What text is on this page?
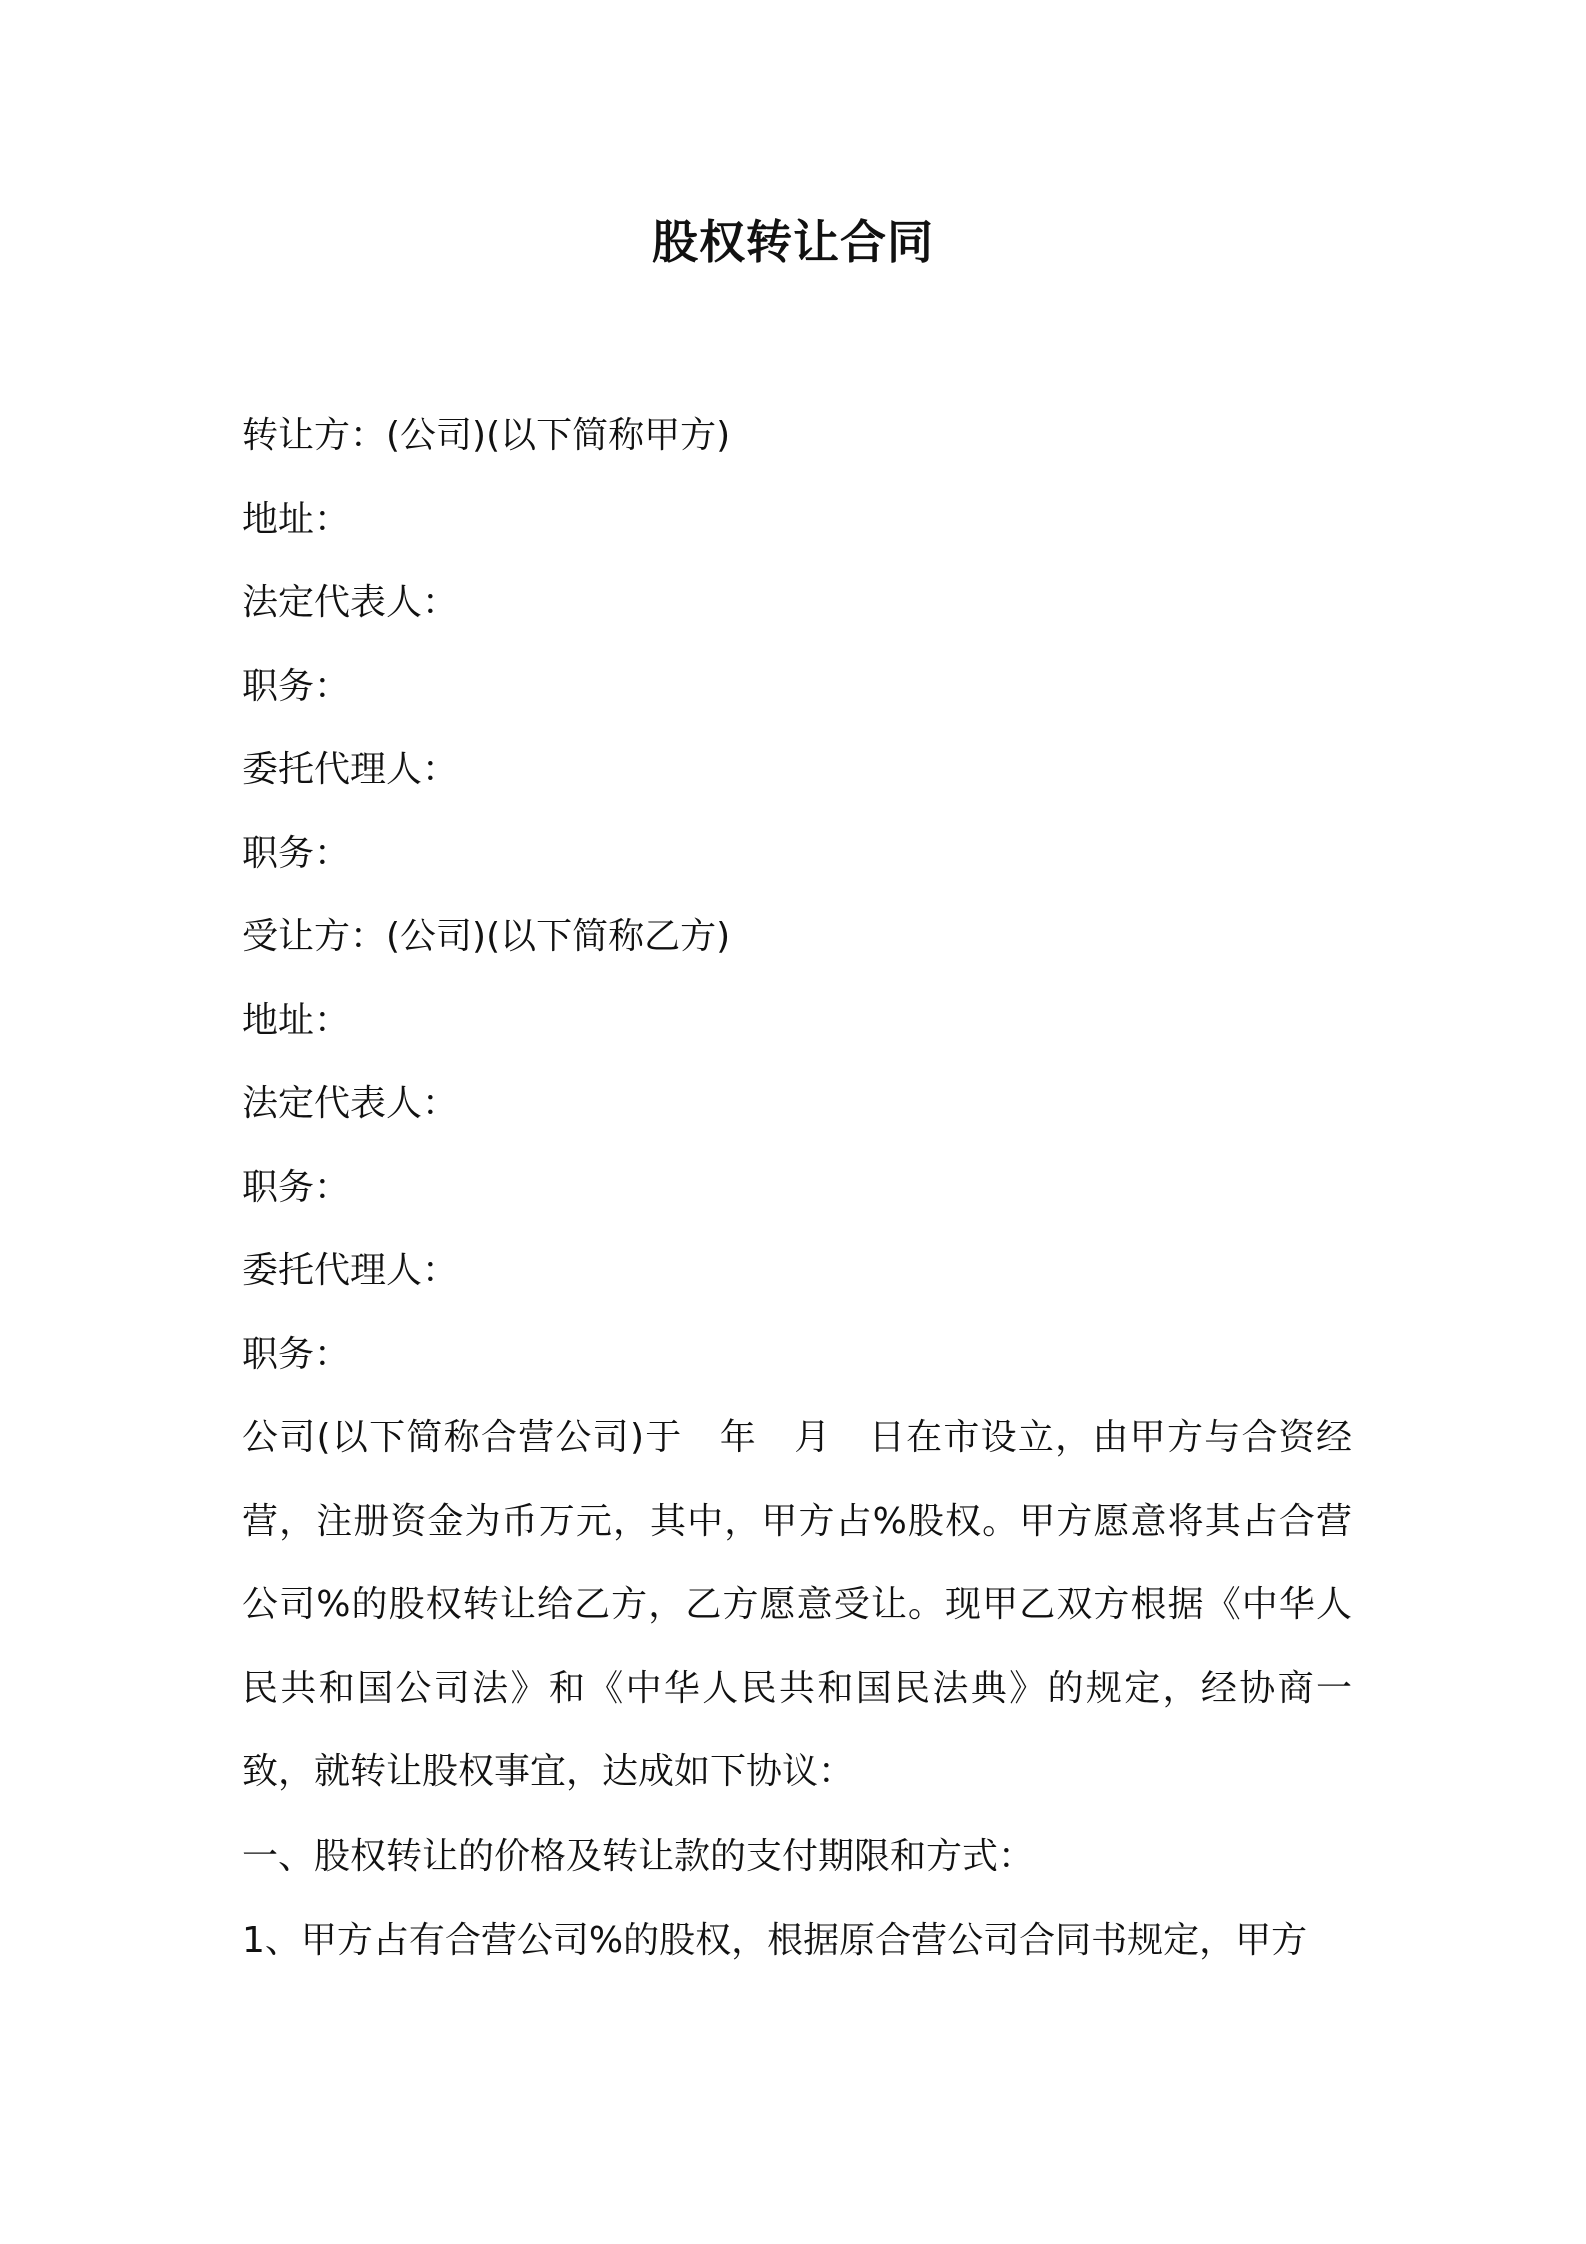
股权转让合同
转让方：(公司)(以下简称甲方)
地址：
法定代表人：
职务：
委托代理人：
职务：
受让方：(公司)(以下简称乙方)
地址：
法定代表人：
职务：
委托代理人：
职务：
公司(以下简称合营公司)于　年　月　日在市设立，由甲方与合资经营，注册资金为币万元，其中，甲方占%股权。甲方愿意将其占合营公司%的股权转让给乙方，乙方愿意受让。现甲乙双方根据《中华人民共和国公司法》和《中华人民共和国民法典》的规定，经协商一致，就转让股权事宜，达成如下协议：
一、股权转让的价格及转让款的支付期限和方式：
1、甲方占有合营公司%的股权，根据原合营公司合同书规定，甲方
